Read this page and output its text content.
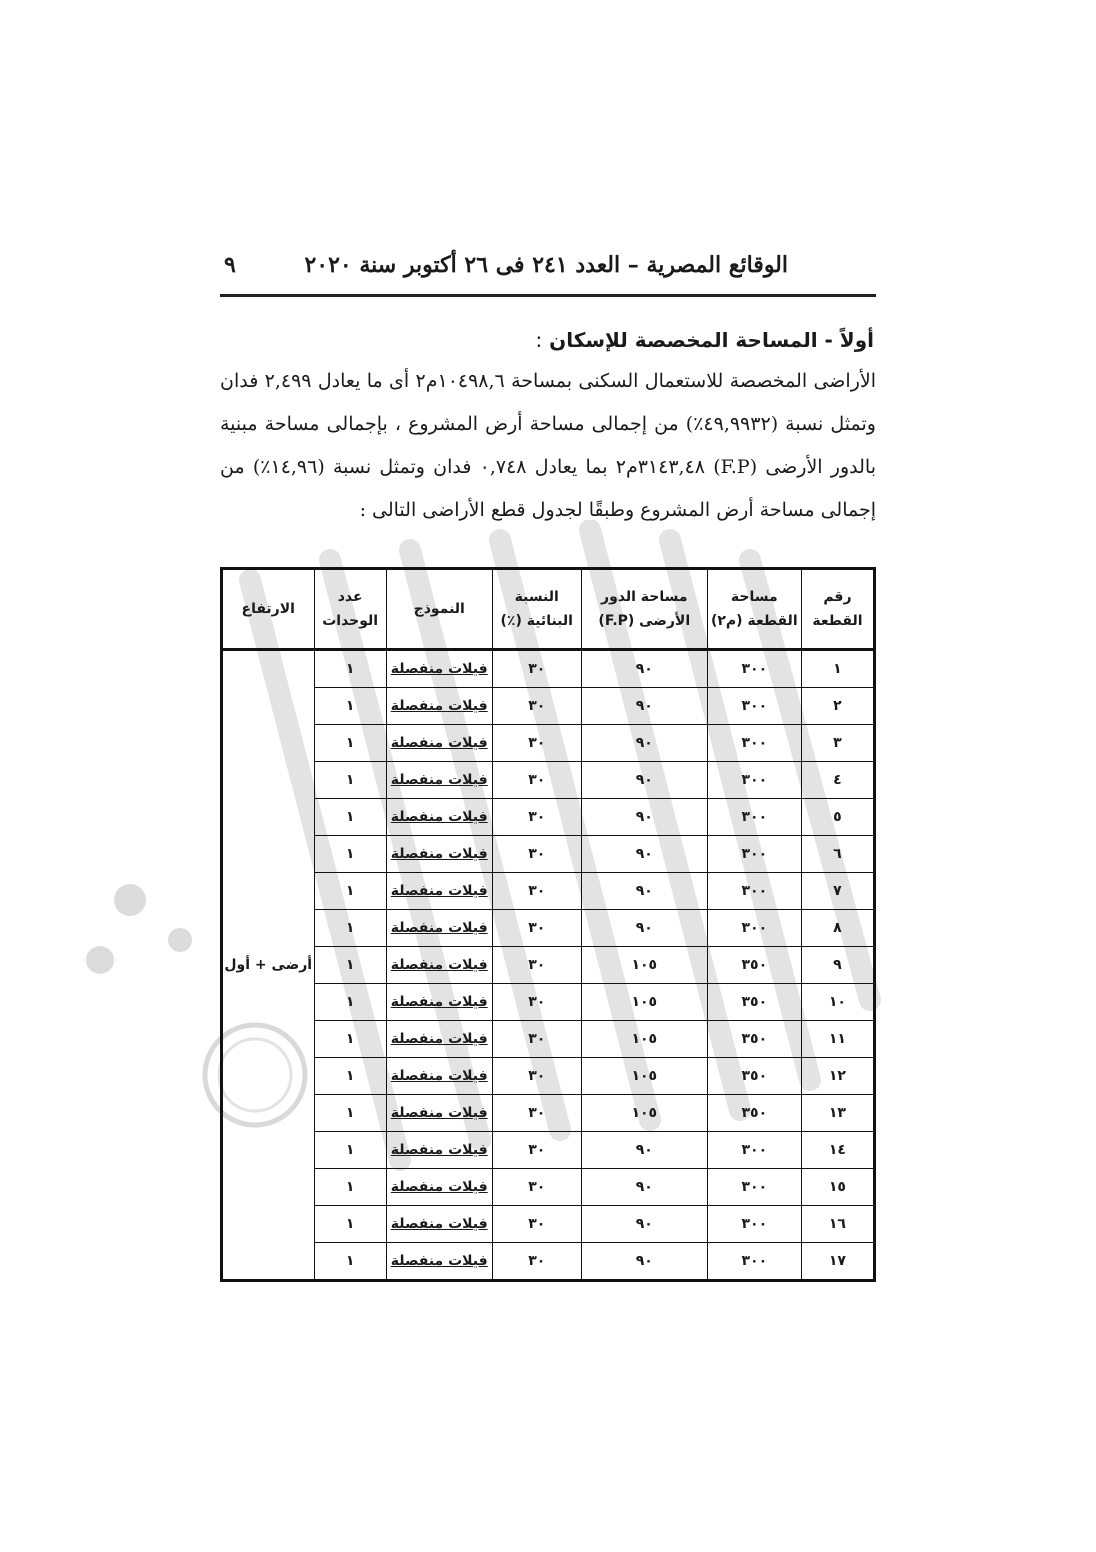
الوقائع المصرية – العدد ٢٤١ فى ٢٦ أكتوبر سنة ٢٠٢٠
٩
أولاً - المساحة المخصصة للإسكان :
الأراضى المخصصة للاستعمال السكنى بمساحة ١٠٤٩٨,٦م٢ أى ما يعادل ٢,٤٩٩ فدان وتمثل نسبة (٤٩,٩٩٣٢٪) من إجمالى مساحة أرض المشروع ، بإجمالى مساحة مبنية بالدور الأرضى (F.P) ٣١٤٣,٤٨م٢ بما يعادل ٠,٧٤٨ فدان وتمثل نسبة (١٤,٩٦٪) من إجمالى مساحة أرض المشروع وطبقًا لجدول قطع الأراضى التالى :
رقم القطعة	مساحة القطعة (م٢)	مساحة الدور الأرضى (F.P)	النسبة البنائية (٪)	النموذج	عدد الوحدات	الارتفاع
١	٣٠٠	٩٠	٣٠	فيلات منفصلة	١	أرضى + أول
٢	٣٠٠	٩٠	٣٠	فيلات منفصلة	١	
٣	٣٠٠	٩٠	٣٠	فيلات منفصلة	١	
٤	٣٠٠	٩٠	٣٠	فيلات منفصلة	١	
٥	٣٠٠	٩٠	٣٠	فيلات منفصلة	١	
٦	٣٠٠	٩٠	٣٠	فيلات منفصلة	١	
٧	٣٠٠	٩٠	٣٠	فيلات منفصلة	١	
٨	٣٠٠	٩٠	٣٠	فيلات منفصلة	١	
٩	٣٥٠	١٠٥	٣٠	فيلات منفصلة	١	
١٠	٣٥٠	١٠٥	٣٠	فيلات منفصلة	١	
١١	٣٥٠	١٠٥	٣٠	فيلات منفصلة	١	
١٢	٣٥٠	١٠٥	٣٠	فيلات منفصلة	١	
١٣	٣٥٠	١٠٥	٣٠	فيلات منفصلة	١	
١٤	٣٠٠	٩٠	٣٠	فيلات منفصلة	١	
١٥	٣٠٠	٩٠	٣٠	فيلات منفصلة	١	
١٦	٣٠٠	٩٠	٣٠	فيلات منفصلة	١	
١٧	٣٠٠	٩٠	٣٠	فيلات منفصلة	١	
